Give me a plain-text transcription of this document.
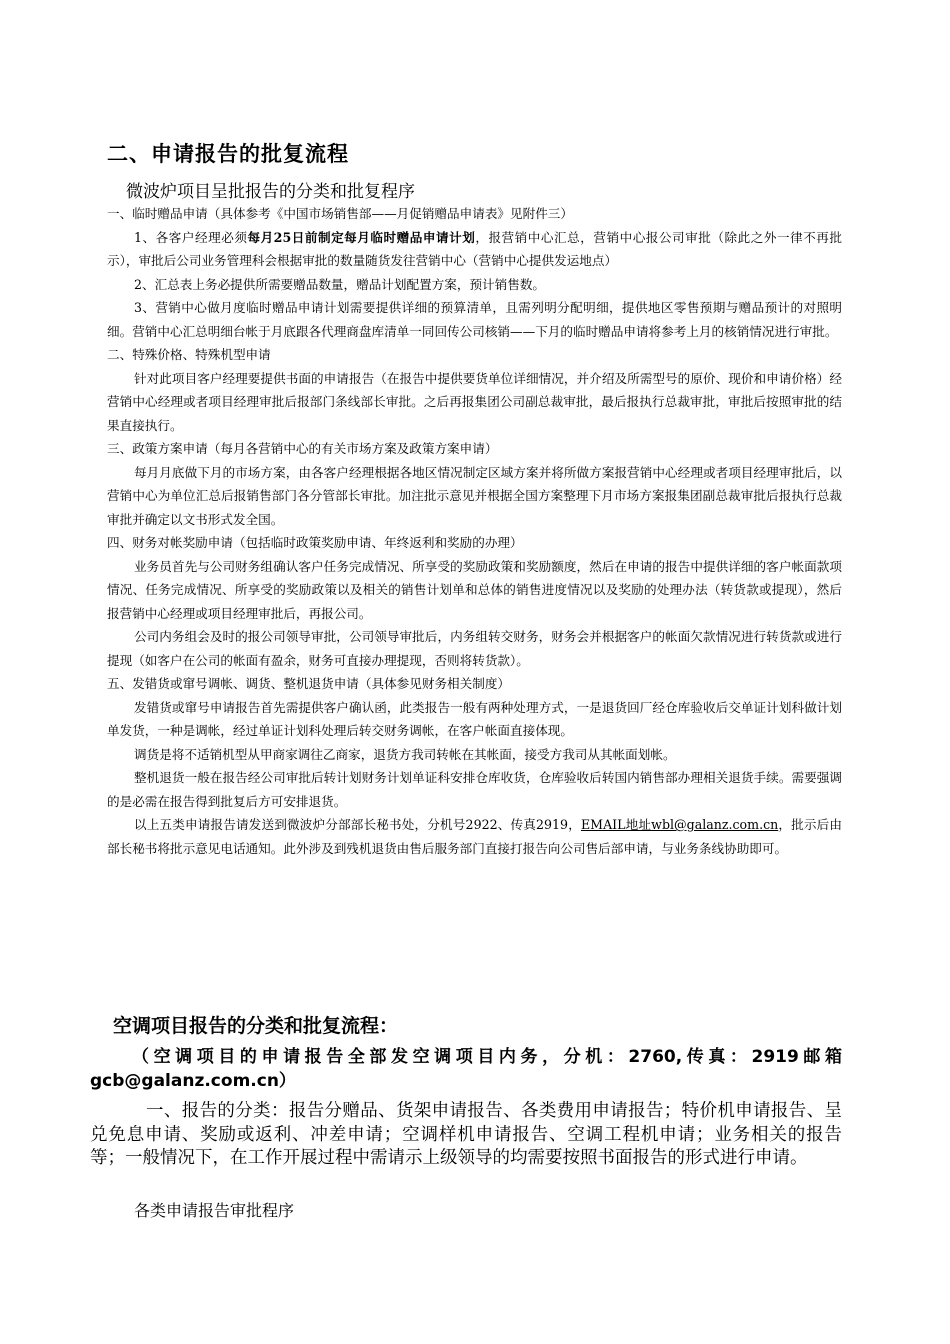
二、申请报告的批复流程
微波炉项目呈批报告的分类和批复程序

一、临时赠品申请（具体参考《中国市场销售部——月促销赠品申请表》见附件三）

1、各客户经理必须每月25日前制定每月临时赠品申请计划，报营销中心汇总，营销中心报公司审批（除此之外一律不再批示），审批后公司业务管理科会根据审批的数量随货发往营销中心（营销中心提供发运地点）

2、汇总表上务必提供所需要赠品数量，赠品计划配置方案，预计销售数。

3、营销中心做月度临时赠品申请计划需要提供详细的预算清单，且需列明分配明细，提供地区零售预期与赠品预计的对照明细。营销中心汇总明细台帐于月底跟各代理商盘库清单一同回传公司核销——下月的临时赠品申请将参考上月的核销情况进行审批。

二、特殊价格、特殊机型申请

针对此项目客户经理要提供书面的申请报告（在报告中提供要货单位详细情况，并介绍及所需型号的原价、现价和申请价格）经营销中心经理或者项目经理审批后报部门条线部长审批。之后再报集团公司副总裁审批，最后报执行总裁审批，审批后按照审批的结果直接执行。

三、政策方案申请（每月各营销中心的有关市场方案及政策方案申请）

每月月底做下月的市场方案，由各客户经理根据各地区情况制定区域方案并将所做方案报营销中心经理或者项目经理审批后，以营销中心为单位汇总后报销售部门各分管部长审批。加注批示意见并根据全国方案整理下月市场方案报集团副总裁审批后报执行总裁审批并确定以文书形式发全国。

四、财务对帐奖励申请（包括临时政策奖励申请、年终返利和奖励的办理）

业务员首先与公司财务组确认客户任务完成情况、所享受的奖励政策和奖励额度，然后在申请的报告中提供详细的客户帐面款项情况、任务完成情况、所享受的奖励政策以及相关的销售计划单和总体的销售进度情况以及奖励的处理办法（转货款或提现），然后报营销中心经理或项目经理审批后，再报公司。

公司内务组会及时的报公司领导审批，公司领导审批后，内务组转交财务，财务会并根据客户的帐面欠款情况进行转货款或进行提现（如客户在公司的帐面有盈余，财务可直接办理提现，否则将转货款）。

五、发错货或窜号调帐、调货、整机退货申请（具体参见财务相关制度）

发错货或窜号申请报告首先需提供客户确认函，此类报告一般有两种处理方式，一是退货回厂经仓库验收后交单证计划科做计划单发货，一种是调帐，经过单证计划科处理后转交财务调帐，在客户帐面直接体现。

调货是将不适销机型从甲商家调往乙商家，退货方我司转帐在其帐面，接受方我司从其帐面划帐。

整机退货一般在报告经公司审批后转计划财务计划单证科安排仓库收货，仓库验收后转国内销售部办理相关退货手续。需要强调的是必需在报告得到批复后方可安排退货。

以上五类申请报告请发送到微波炉分部部长秘书处，分机号2922、传真2919，EMAIL地址wbl@galanz.com.cn，批示后由部长秘书将批示意见电话通知。此外涉及到残机退货由售后服务部门直接打报告向公司售后部申请，与业务条线协助即可。

空调项目报告的分类和批复流程：
（空调项目的申请报告全部发空调项目内务，分机：2760,传真：2919邮箱gcb@galanz.com.cn）

一、报告的分类：报告分赠品、货架申请报告、各类费用申请报告；特价机申请报告、呈兑免息申请、奖励或返利、冲差申请；空调样机申请报告、空调工程机申请；业务相关的报告等；一般情况下，在工作开展过程中需请示上级领导的均需要按照书面报告的形式进行申请。

各类申请报告审批程序
